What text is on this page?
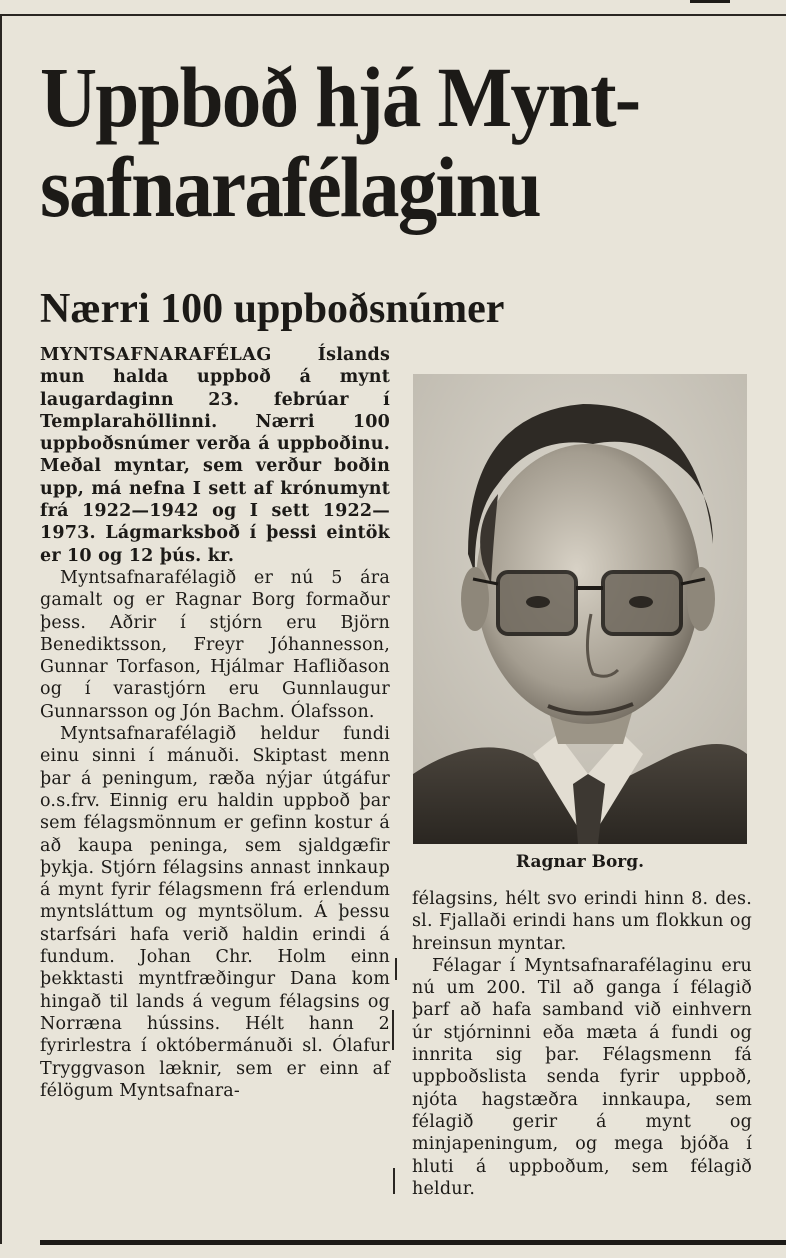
Uppboð hjá Mynt-
safnarafélaginu
Nærri 100 uppboðsnúmer

MYNTSAFNARAFÉLAG Íslands mun halda uppboð á mynt laugardaginn 23. febrúar í Templarahöllinni. Nærri 100 uppboðsnúmer verða á uppboðinu. Meðal myntar, sem verður boðin upp, má nefna I sett af krónumynt frá 1922—1942 og I sett 1922—1973. Lágmarksboð í þessi eintök er 10 og 12 þús. kr.

Myntsafnarafélagið er nú 5 ára gamalt og er Ragnar Borg formaður þess. Aðrir í stjórn eru Björn Benediktsson, Freyr Jóhannesson, Gunnar Torfason, Hjálmar Hafliðason og í varastjórn eru Gunnlaugur Gunnarsson og Jón Bachm. Ólafsson.

Myntsafnarafélagið heldur fundi einu sinni í mánuði. Skiptast menn þar á peningum, ræða nýjar útgáfur o.s.frv. Einnig eru haldin uppboð þar sem félagsmönnum er gefinn kostur á að kaupa peninga, sem sjaldgæfir þykja. Stjórn félagsins annast innkaup á mynt fyrir félagsmenn frá erlendum myntsláttum og myntsölum. Á þessu starfsári hafa verið haldin erindi á fundum. Johan Chr. Holm einn þekktasti myntfræðingur Dana kom hingað til lands á vegum félagsins og Norræna hússins. Hélt hann 2 fyrirlestra í októbermánuði sl. Ólafur Tryggvason læknir, sem er einn af félögum Myntsafnara-

Ragnar Borg.

félagsins, hélt svo erindi hinn 8. des. sl. Fjallaði erindi hans um flokkun og hreinsun myntar.

Félagar í Myntsafnarafélaginu eru nú um 200. Til að ganga í félagið þarf að hafa samband við einhvern úr stjórninni eða mæta á fundi og innrita sig þar. Félagsmenn fá uppboðslista senda fyrir uppboð, njóta hagstæðra innkaupa, sem félagið gerir á mynt og minjapeningum, og mega bjóða í hluti á uppboðum, sem félagið heldur.
